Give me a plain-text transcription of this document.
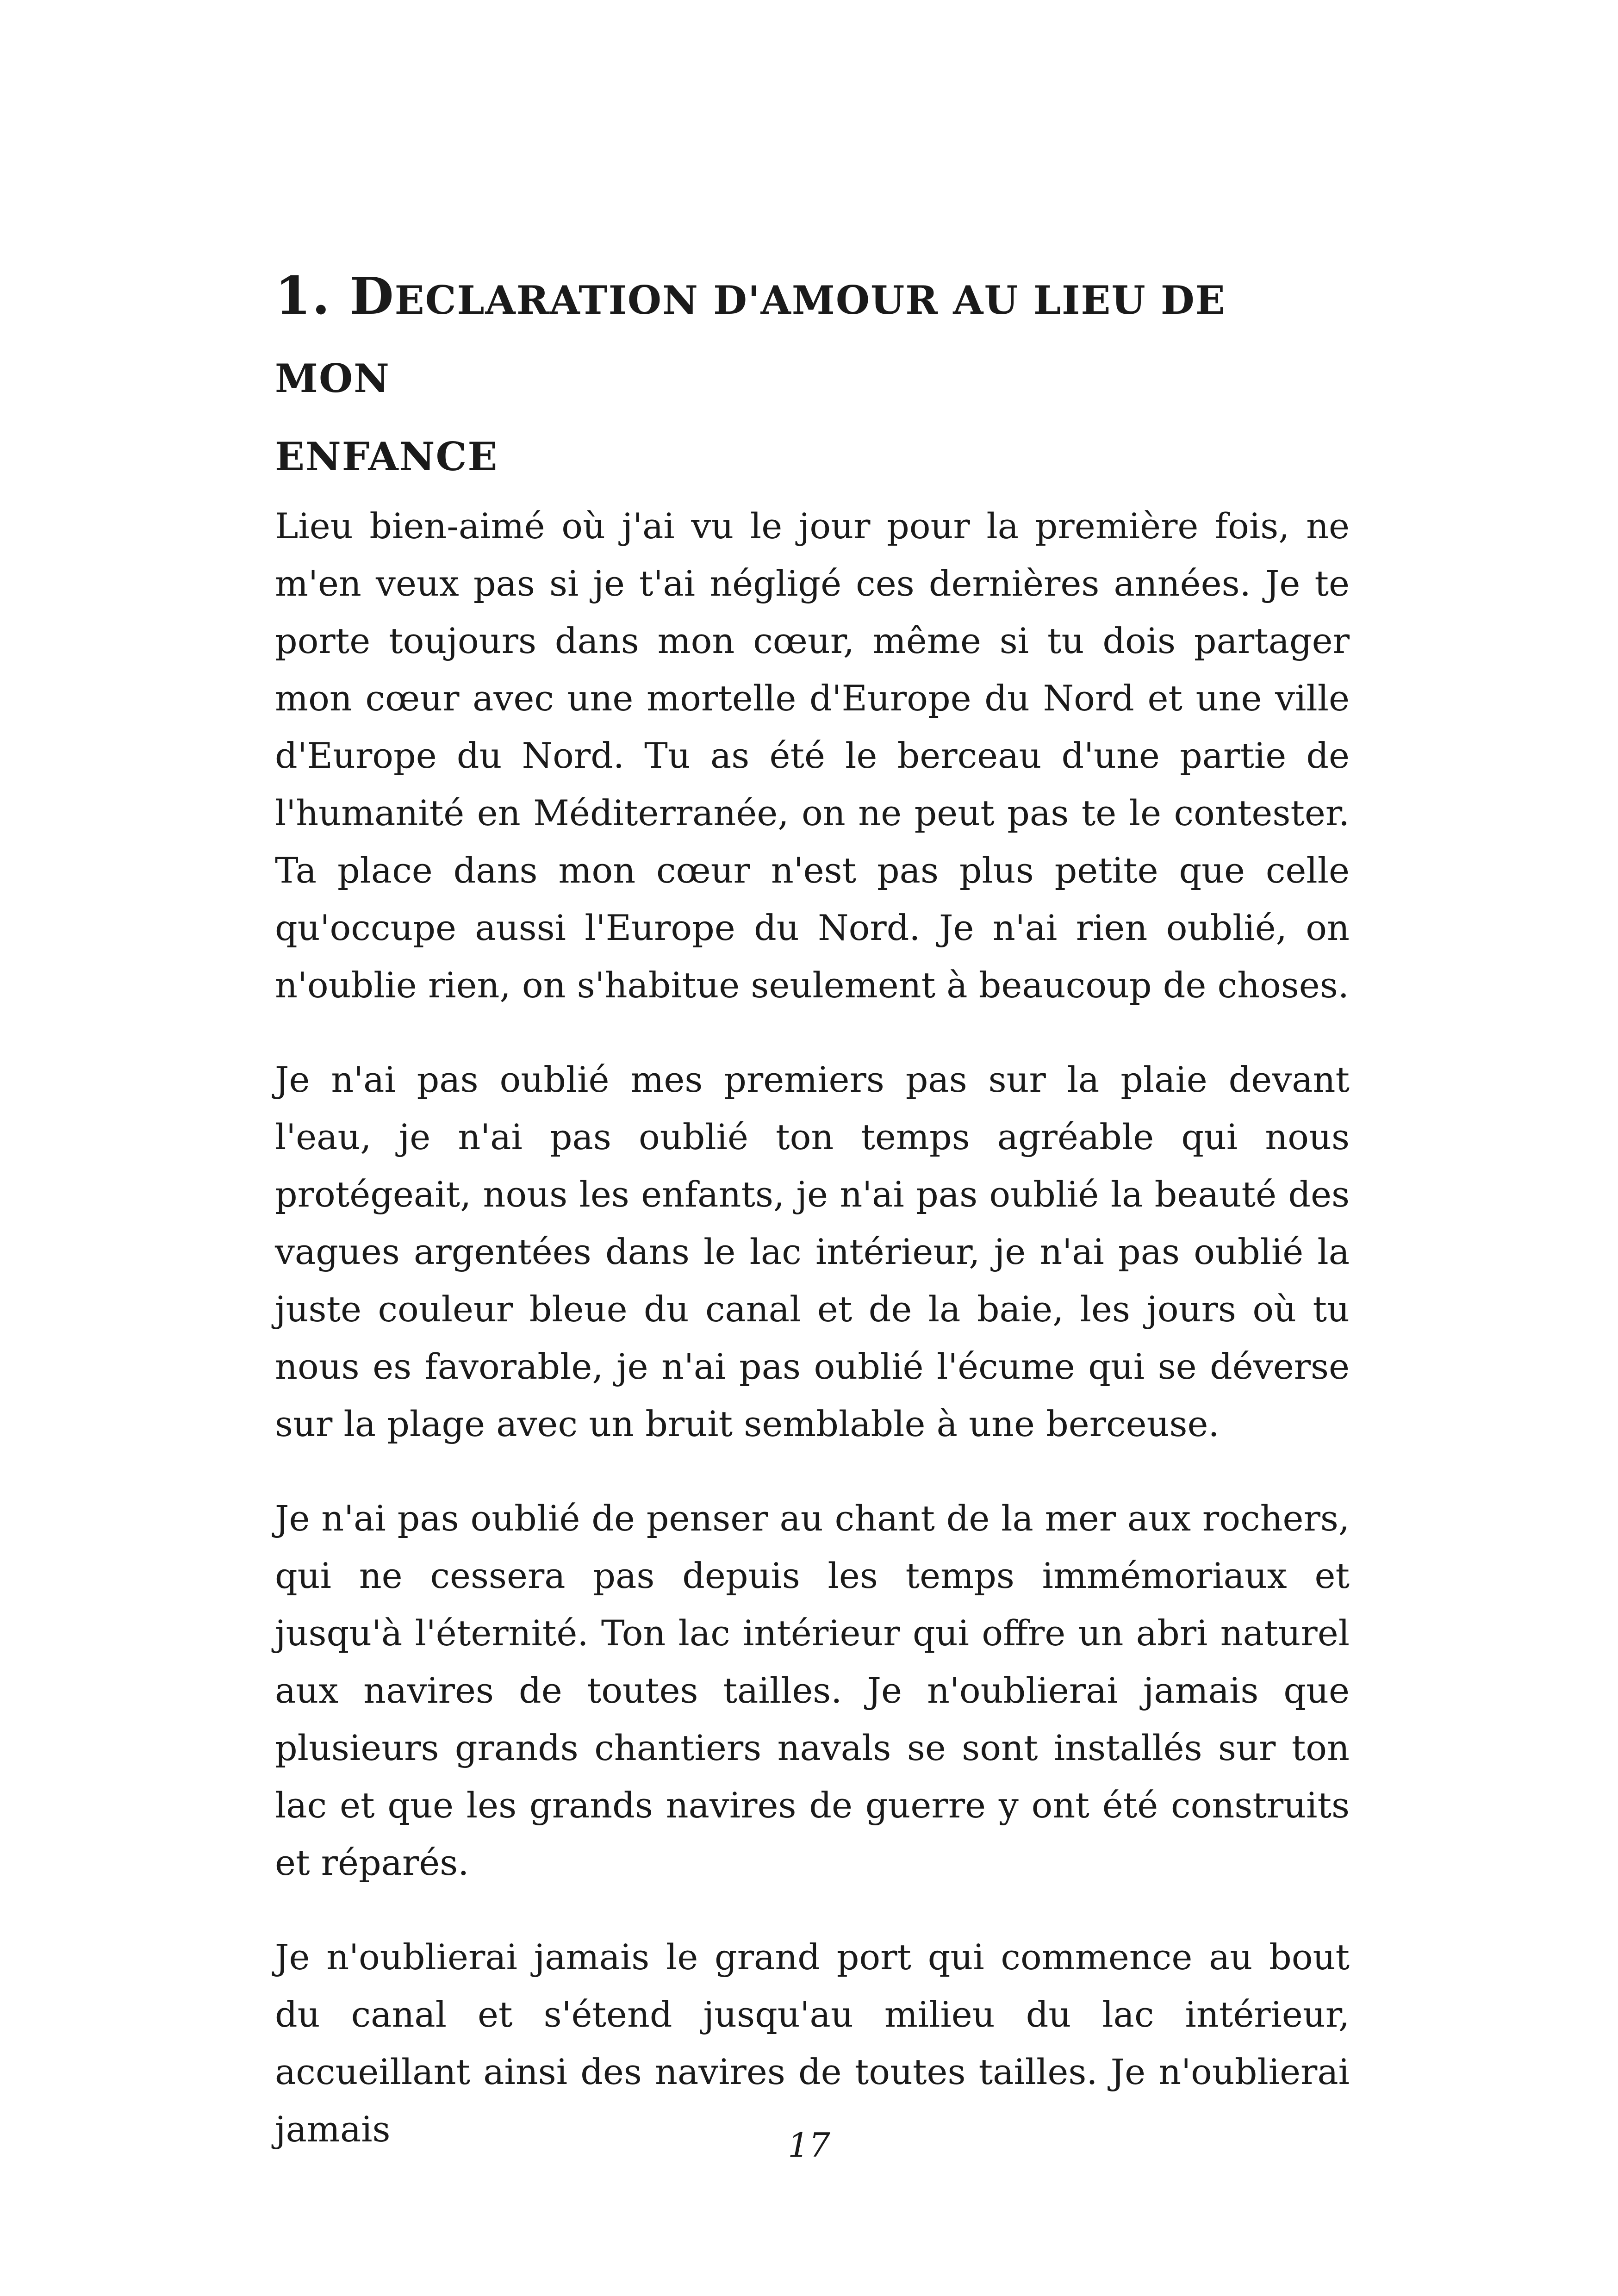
1. DECLARATION D'AMOUR AU LIEU DE MON
ENFANCE

Lieu bien-aimé où j'ai vu le jour pour la première fois, ne m'en veux pas si je t'ai négligé ces dernières années. Je te porte toujours dans mon cœur, même si tu dois partager mon cœur avec une mortelle d'Europe du Nord et une ville d'Europe du Nord. Tu as été le berceau d'une partie de l'humanité en Méditerranée, on ne peut pas te le contester. Ta place dans mon cœur n'est pas plus petite que celle qu'occupe aussi l'Europe du Nord. Je n'ai rien oublié, on n'oublie rien, on s'habitue seulement à beaucoup de choses.

Je n'ai pas oublié mes premiers pas sur la plaie devant l'eau, je n'ai pas oublié ton temps agréable qui nous protégeait, nous les enfants, je n'ai pas oublié la beauté des vagues argentées dans le lac intérieur, je n'ai pas oublié la juste couleur bleue du canal et de la baie, les jours où tu nous es favorable, je n'ai pas oublié l'écume qui se déverse sur la plage avec un bruit semblable à une berceuse.

Je n'ai pas oublié de penser au chant de la mer aux rochers, qui ne cessera pas depuis les temps immémoriaux et jusqu'à l'éternité. Ton lac intérieur qui offre un abri naturel aux navires de toutes tailles. Je n'oublierai jamais que plusieurs grands chantiers navals se sont installés sur ton lac et que les grands navires de guerre y ont été construits et réparés.

Je n'oublierai jamais le grand port qui commence au bout du canal et s'étend jusqu'au milieu du lac intérieur, accueillant ainsi des navires de toutes tailles. Je n'oublierai jamais	17
